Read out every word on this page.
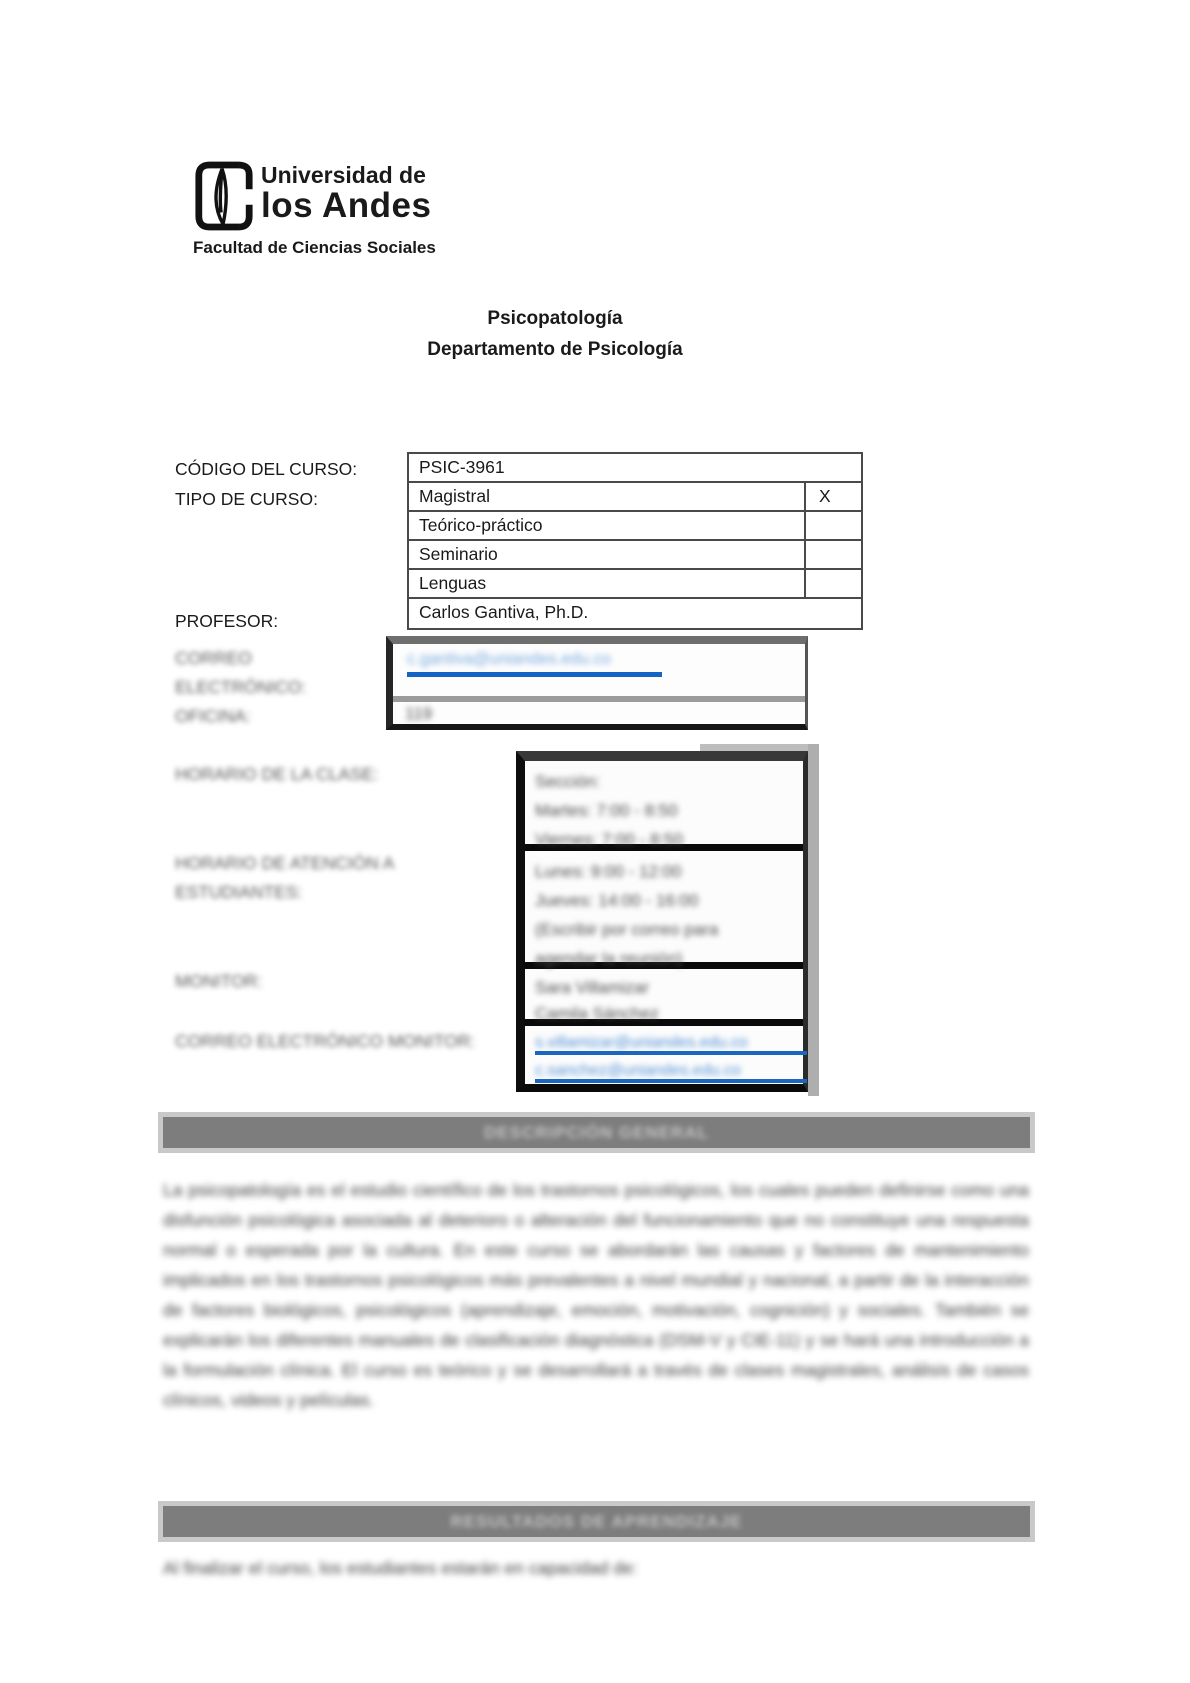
Universidad de
los Andes
Facultad de Ciencias Sociales
Psicopatología
Departamento de Psicología
CÓDIGO DEL CURSO:
TIPO DE CURSO:
PROFESOR:
CORREO
ELECTRÓNICO:
OFICINA:
HORARIO DE LA CLASE:
HORARIO DE ATENCIÓN A
ESTUDIANTES:
MONITOR:
CORREO ELECTRÓNICO MONITOR:
PSIC-3961
Magistral	X
Teórico-práctico
Seminario
Lenguas
Carlos Gantiva, Ph.D.
c.gantiva@uniandes.edu.co
119
Sección:
Martes: 7:00 - 8:50
Viernes: 7:00 - 8:50
Lunes: 9:00 - 12:00
Jueves: 14:00 - 16:00
(Escribir por correo para
agendar la reunión)
Sara Villamizar
Camila Sánchez
s.villamizar@uniandes.edu.co
c.sanchez@uniandes.edu.co
DESCRIPCIÓN GENERAL
La psicopatología es el estudio científico de los trastornos psicológicos, los cuales pueden definirse como una disfunción psicológica asociada al deterioro o alteración del funcionamiento que no constituye una respuesta normal o esperada por la cultura. En este curso se abordarán las causas y factores de mantenimiento implicados en los trastornos psicológicos más prevalentes a nivel mundial y nacional, a partir de la interacción de factores biológicos, psicológicos (aprendizaje, emoción, motivación, cognición) y sociales. También se explicarán los diferentes manuales de clasificación diagnóstica (DSM-V y CIE-11) y se hará una introducción a la formulación clínica. El curso es teórico y se desarrollará a través de clases magistrales, análisis de casos clínicos, videos y películas.
RESULTADOS DE APRENDIZAJE
Al finalizar el curso, los estudiantes estarán en capacidad de:
